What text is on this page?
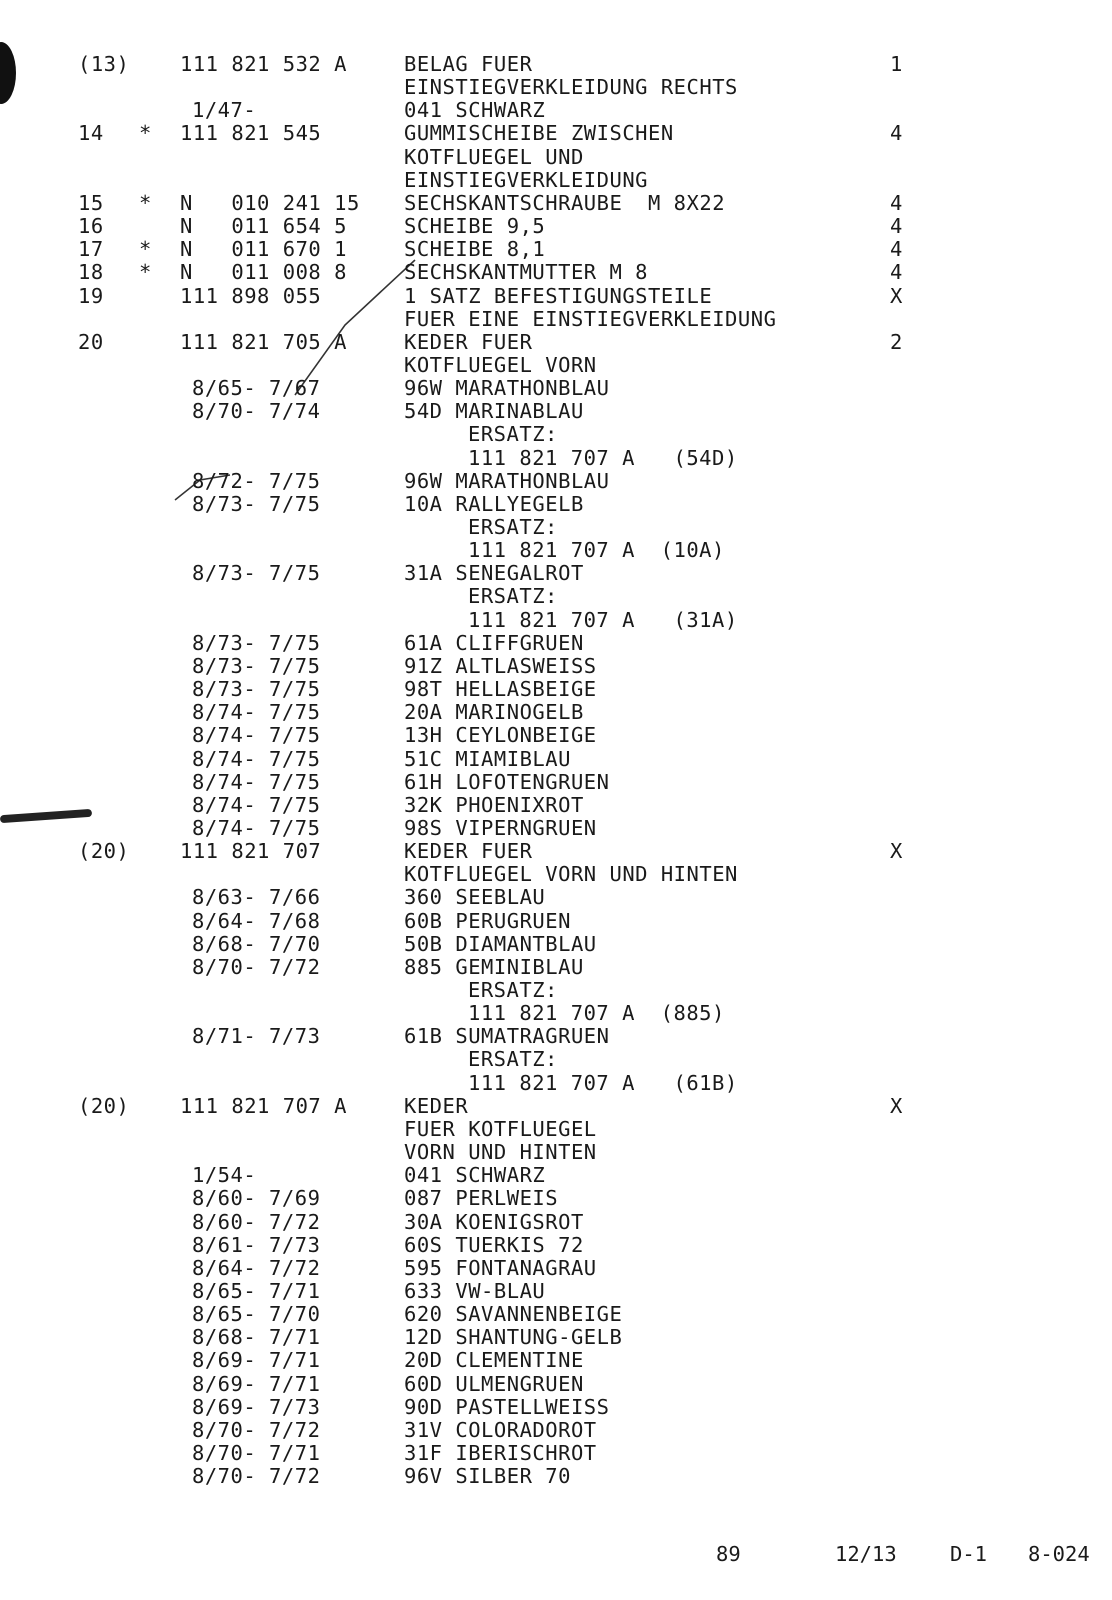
(13) 111 821 532 A	BELAG FUER	1
EINSTIEGVERKLEIDUNG RECHTS
1/47-	041 SCHWARZ
14 * 111 821 545	GUMMISCHEIBE ZWISCHEN	4
KOTFLUEGEL UND
EINSTIEGVERKLEIDUNG
15 * N   010 241 15 SECHSKANTSCHRAUBE  M 8X22	4
16	N   011 654 5	SCHEIBE 9,5	4
17 * N   011 670 1	SCHEIBE 8,1	4
18 * N   011 008 8	SECHSKANTMUTTER M 8	4
19	111 898 055	1 SATZ BEFESTIGUNGSTEILE	X
FUER EINE EINSTIEGVERKLEIDUNG
20	111 821 705 A	KEDER FUER	2
KOTFLUEGEL VORN
8/65- 7/67	96W MARATHONBLAU
8/70- 7/74	54D MARINABLAU
ERSATZ:
111 821 707 A   (54D)
8/72- 7/75	96W MARATHONBLAU
8/73- 7/75	10A RALLYEGELB
ERSATZ:
111 821 707 A  (10A)
8/73- 7/75	31A SENEGALROT
ERSATZ:
111 821 707 A   (31A)
8/73- 7/75	61A CLIFFGRUEN
8/73- 7/75	91Z ALTLASWEISS
8/73- 7/75	98T HELLASBEIGE
8/74- 7/75	20A MARINOGELB
8/74- 7/75	13H CEYLONBEIGE
8/74- 7/75	51C MIAMIBLAU
8/74- 7/75	61H LOFOTENGRUEN
8/74- 7/75	32K PHOENIXROT
8/74- 7/75	98S VIPERNGRUEN
(20) 111 821 707	KEDER FUER	X
KOTFLUEGEL VORN UND HINTEN
8/63- 7/66	360 SEEBLAU
8/64- 7/68	60B PERUGRUEN
8/68- 7/70	50B DIAMANTBLAU
8/70- 7/72	885 GEMINIBLAU
ERSATZ:
111 821 707 A  (885)
8/71- 7/73	61B SUMATRAGRUEN
ERSATZ:
111 821 707 A   (61B)
(20) 111 821 707 A	KEDER	X
FUER KOTFLUEGEL
VORN UND HINTEN
1/54-	041 SCHWARZ
8/60- 7/69	087 PERLWEIS
8/60- 7/72	30A KOENIGSROT
8/61- 7/73	60S TUERKIS 72
8/64- 7/72	595 FONTANAGRAU
8/65- 7/71	633 VW-BLAU
8/65- 7/70	620 SAVANNENBEIGE
8/68- 7/71	12D SHANTUNG-GELB
8/69- 7/71	20D CLEMENTINE
8/69- 7/71	60D ULMENGRUEN
8/69- 7/73	90D PASTELLWEISS
8/70- 7/72	31V COLORADOROT
8/70- 7/71	31F IBERISCHROT
8/70- 7/72	96V SILBER 70
89	12/13	D-1 8-024
